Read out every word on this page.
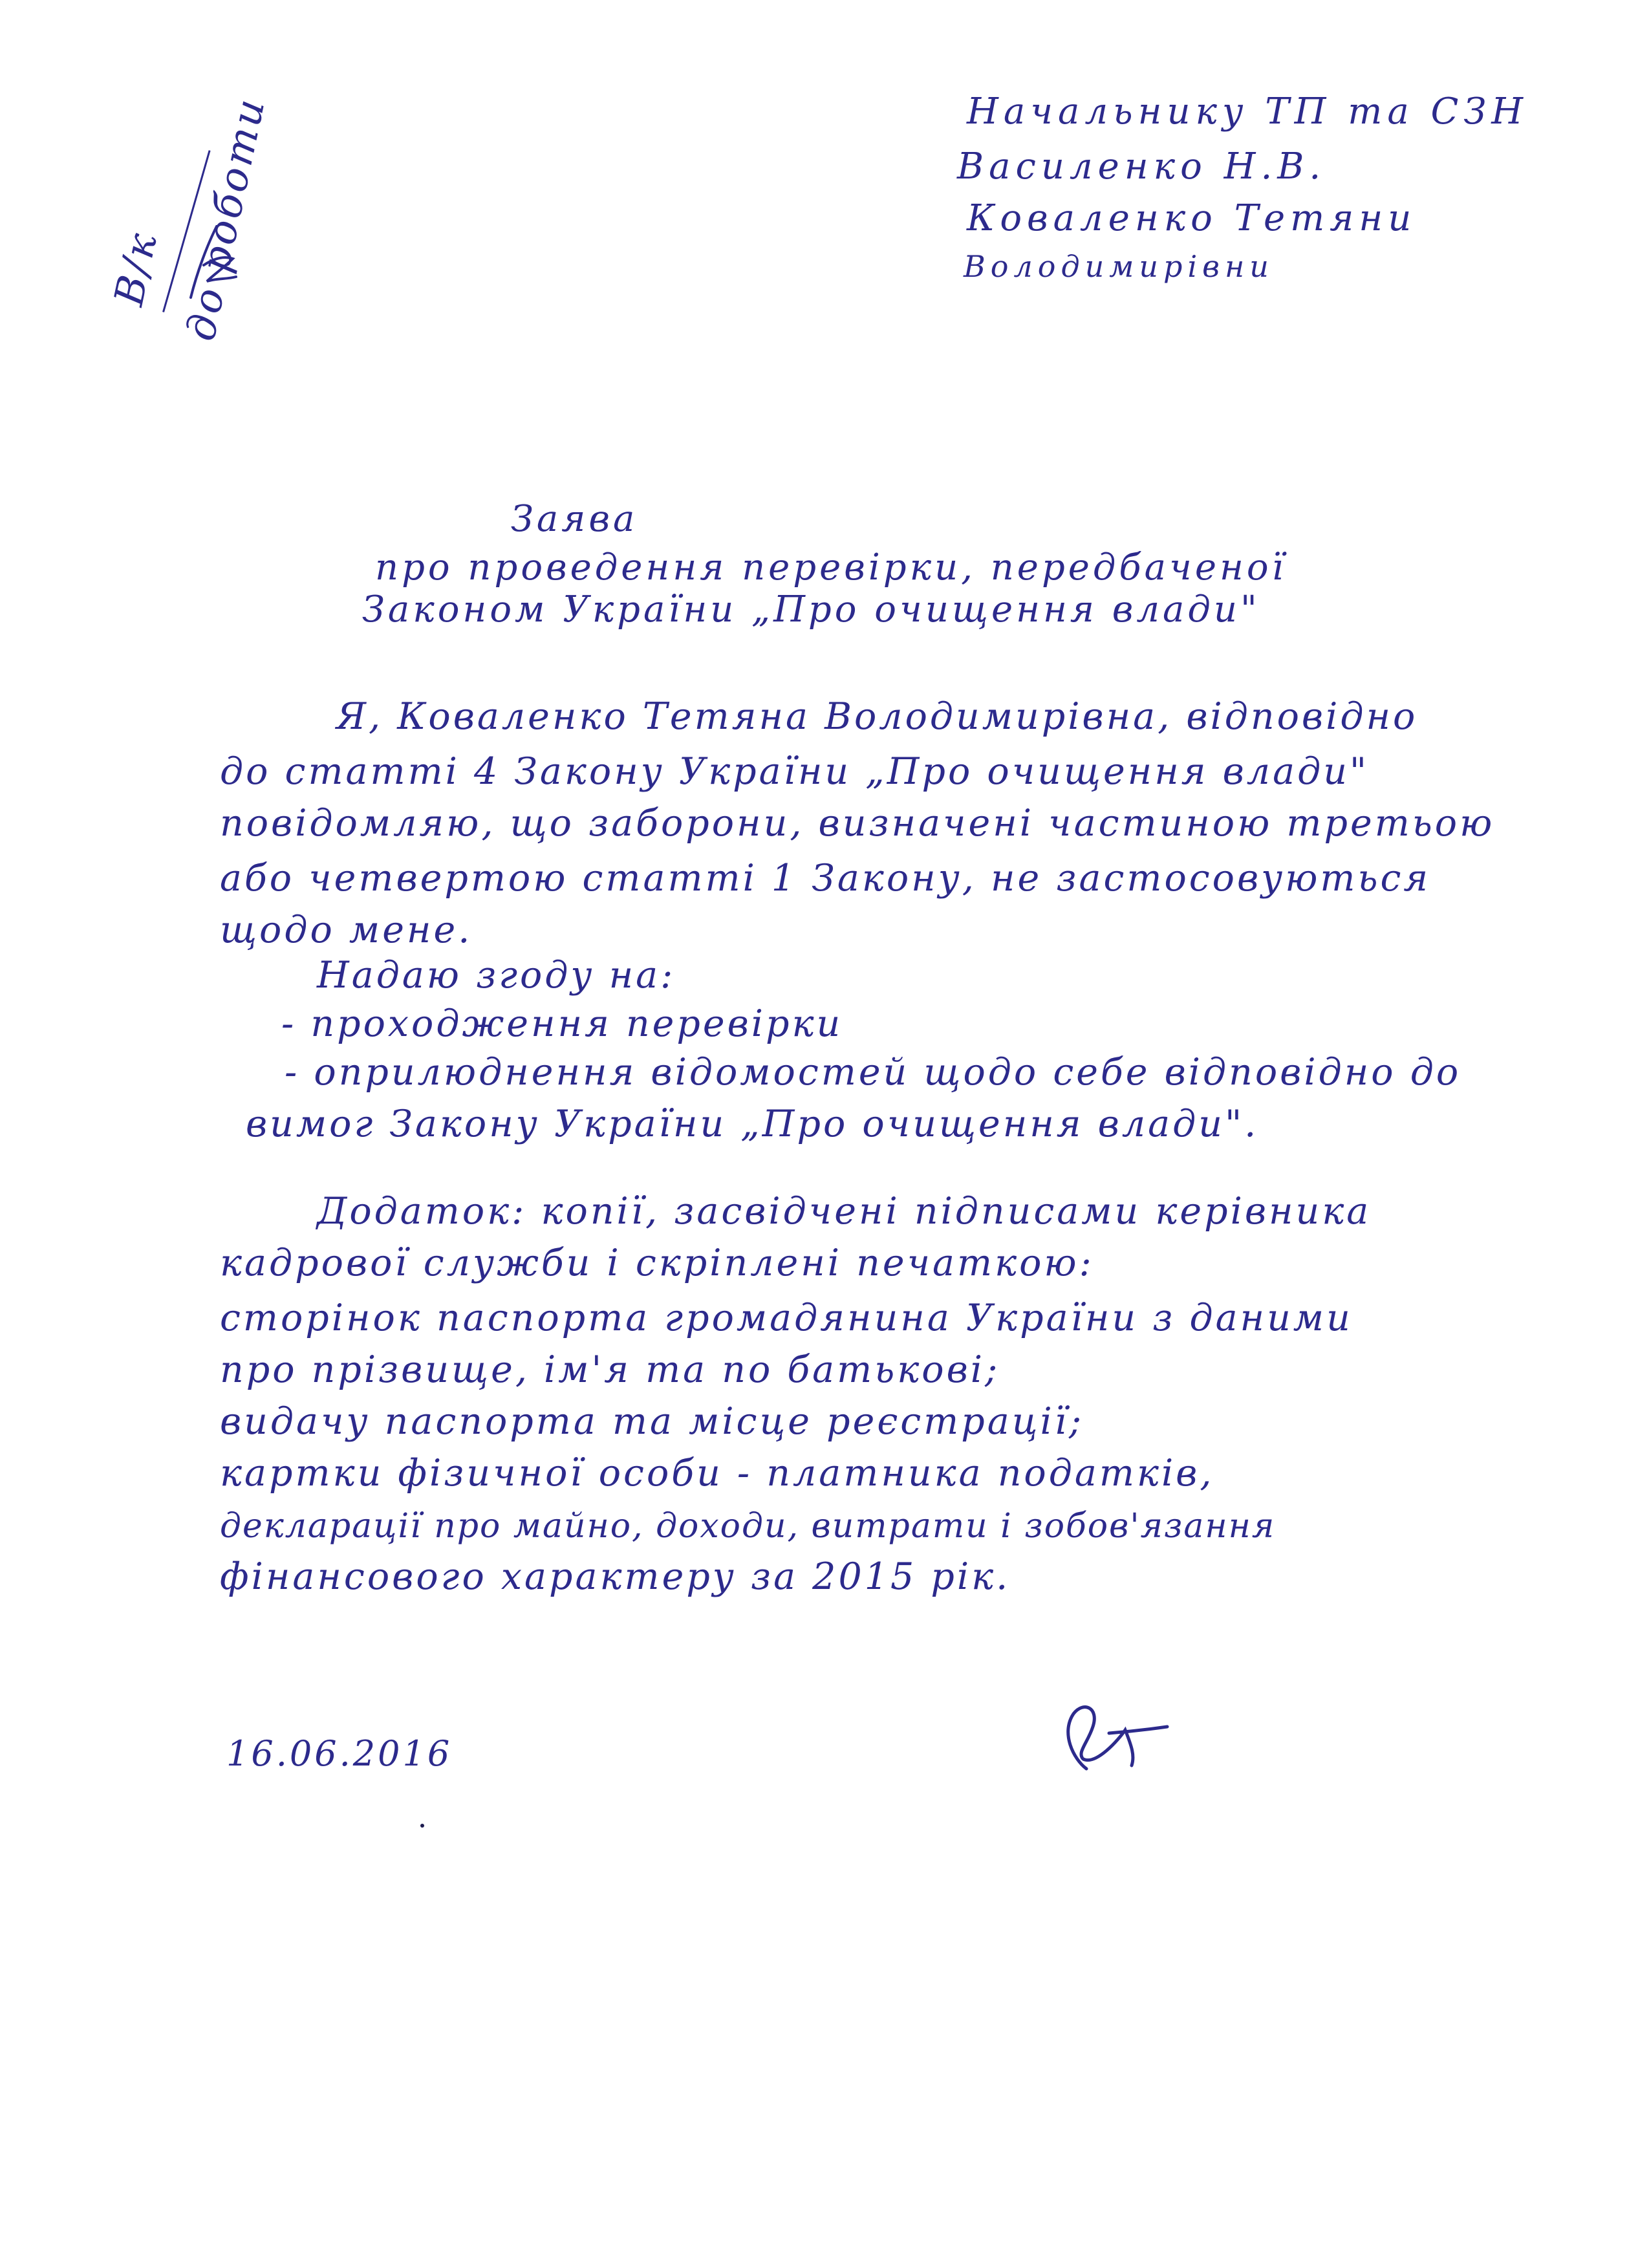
В/к до роботи	Начальнику ТП та СЗН
Василенко Н.В.
Коваленко Тетяни
Володимирівни
Заява
про проведення перевірки, передбаченої
Законом України „Про очищення влади"
Я, Коваленко Тетяна Володимирівна, відповідно
до статті 4 Закону України „Про очищення влади"
повідомляю, що заборони, визначені частиною третьою
або четвертою статті 1 Закону, не застосовуються
щодо мене.
Надаю згоду на:
- проходження перевірки
- оприлюднення відомостей щодо себе відповідно до
вимог Закону України „Про очищення влади".
Додаток: копії, засвідчені підписами керівника
кадрової служби і скріплені печаткою:
сторінок паспорта громадянина України з даними
про прізвище, ім'я та по батькові;
видачу паспорта та місце реєстрації;
картки фізичної особи - платника податків,
декларації про майно, доходи, витрати і зобов'язання
фінансового характеру за 2015 рік.
16.06.2016
